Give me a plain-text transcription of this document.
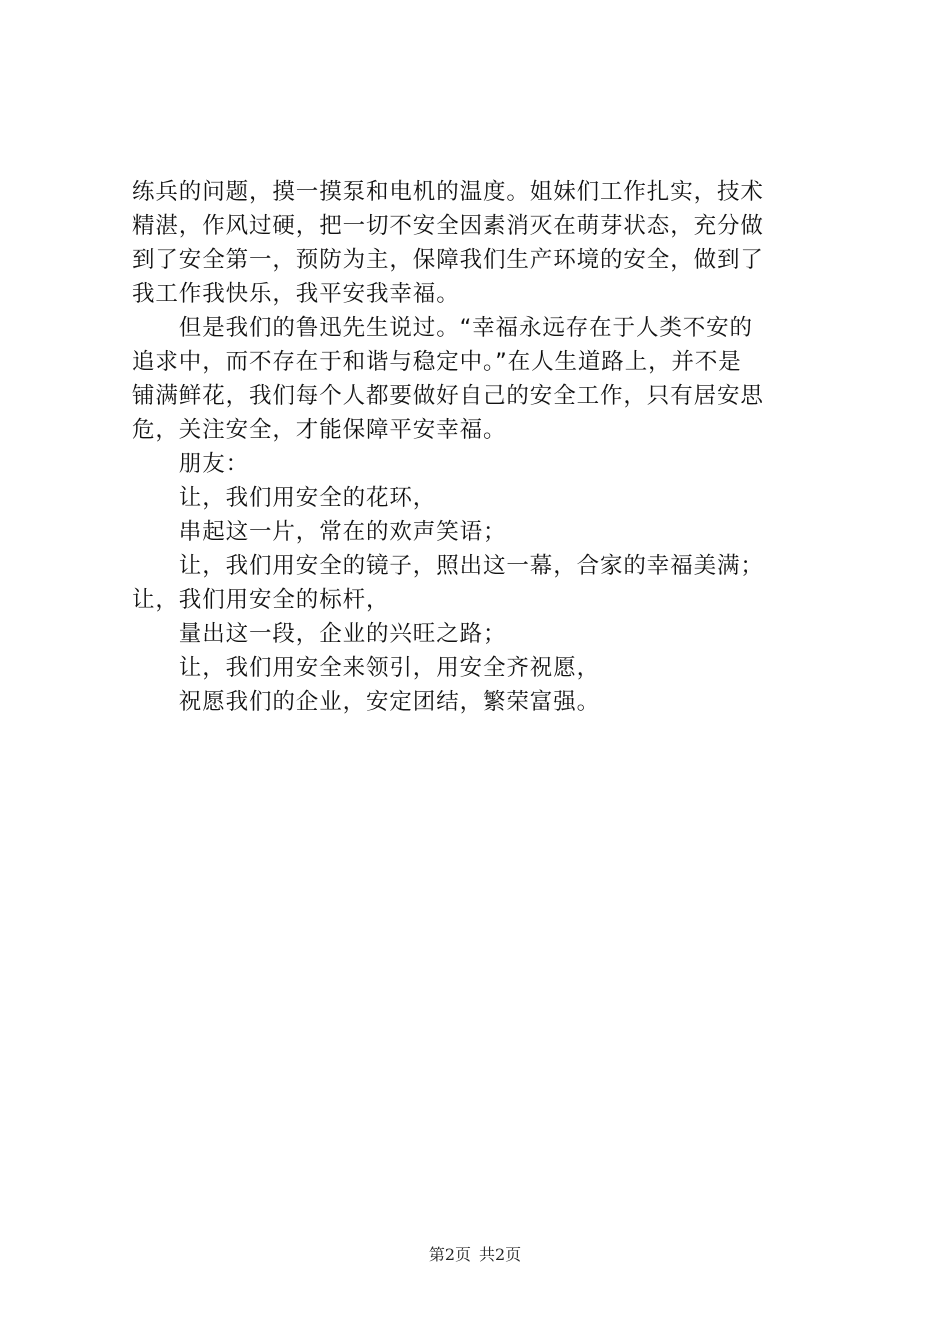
练兵的问题，摸一摸泵和电机的温度。姐妹们工作扎实，技术
精湛，作风过硬，把一切不安全因素消灭在萌芽状态，充分做
到了安全第一，预防为主，保障我们生产环境的安全，做到了
我工作我快乐，我平安我幸福。
　　但是我们的鲁迅先生说过。“幸福永远存在于人类不安的
追求中，而不存在于和谐与稳定中。”在人生道路上，并不是
铺满鲜花，我们每个人都要做好自己的安全工作，只有居安思
危，关注安全，才能保障平安幸福。
　　朋友：
　　让，我们用安全的花环，
　　串起这一片，常在的欢声笑语；
　　让，我们用安全的镜子，照出这一幕，合家的幸福美满；
让，我们用安全的标杆，
　　量出这一段，企业的兴旺之路；
　　让，我们用安全来领引，用安全齐祝愿，
　　祝愿我们的企业，安定团结，繁荣富强。
第2页 共2页
